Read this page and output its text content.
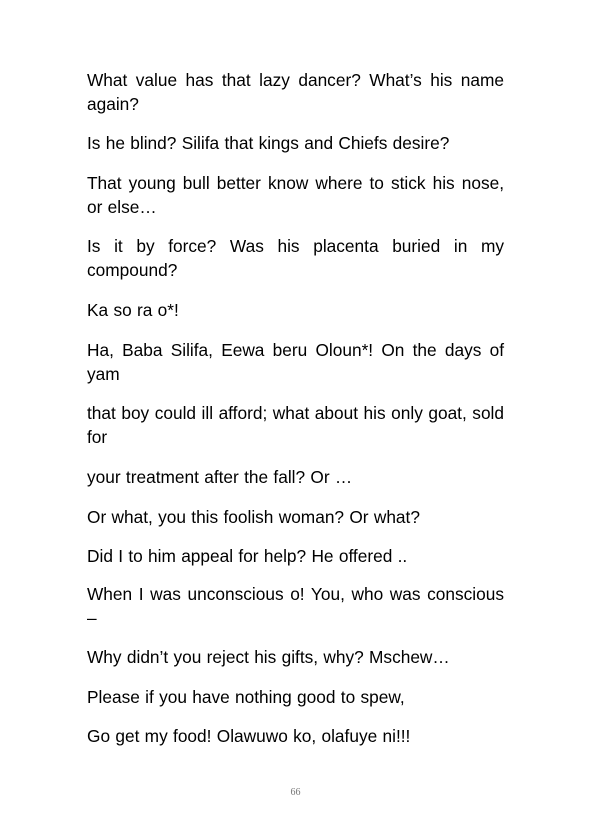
What value has that lazy dancer? What’s his name again?

Is he blind? Silifa that kings and Chiefs desire?

That young bull better know where to stick his nose, or else…

Is it by force? Was his placenta buried in my compound?

Ka so ra o*!

Ha, Baba Silifa, Eewa beru Oloun*! On the days of yam

that boy could ill afford; what about his only goat, sold for

your treatment after the fall? Or …

Or what, you this foolish woman? Or what?

Did I to him appeal for help? He offered ..

When I was unconscious o! You, who was conscious –

Why didn’t you reject his gifts, why? Mschew…

Please if you have nothing good to spew,

Go get my food! Olawuwo ko, olafuye ni!!!

66
